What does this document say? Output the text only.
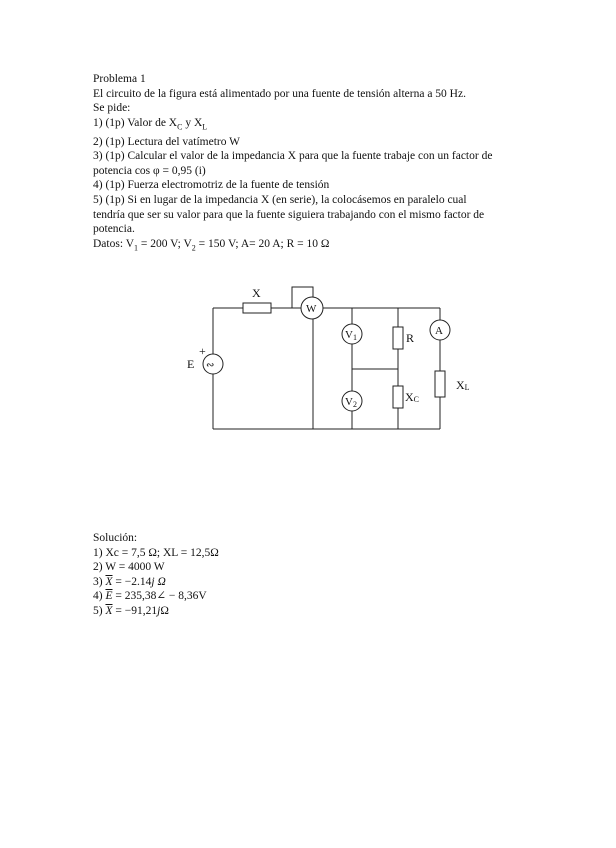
Problema 1

El circuito de la figura está alimentado por una fuente de tensión alterna a 50 Hz.

Se pide:

1) (1p) Valor de $X_C$ y $X_L$

2) (1p) Lectura del vatímetro W

3) (1p) Calcular el valor de la impedancia X para que la fuente trabaje con un factor de

potencia cos φ = 0,95 (i)

4) (1p) Fuerza electromotriz de la fuente de tensión

5) (1p) Si en lugar de la impedancia X (en serie), la colocásemos en paralelo cual

tendría que ser su valor para que la fuente siguiera trabajando con el mismo factor de

potencia.

Datos: $V_1 = 200$ V; $V_2 = 150$ V; A= 20 A; R = 10 Ω
X
W
E
+
∾
V1
V2
R
XC
A
XL

Solución:

1) Xc = 7,5 Ω; XL = 12,5Ω

2) W = 4000 W

3) $\overline{X} = -2.14j$ Ω

4) $\overline{E}$ = 235,38∠ − 8,36V

5) $\overline{X} = -91,21j\Omega$
